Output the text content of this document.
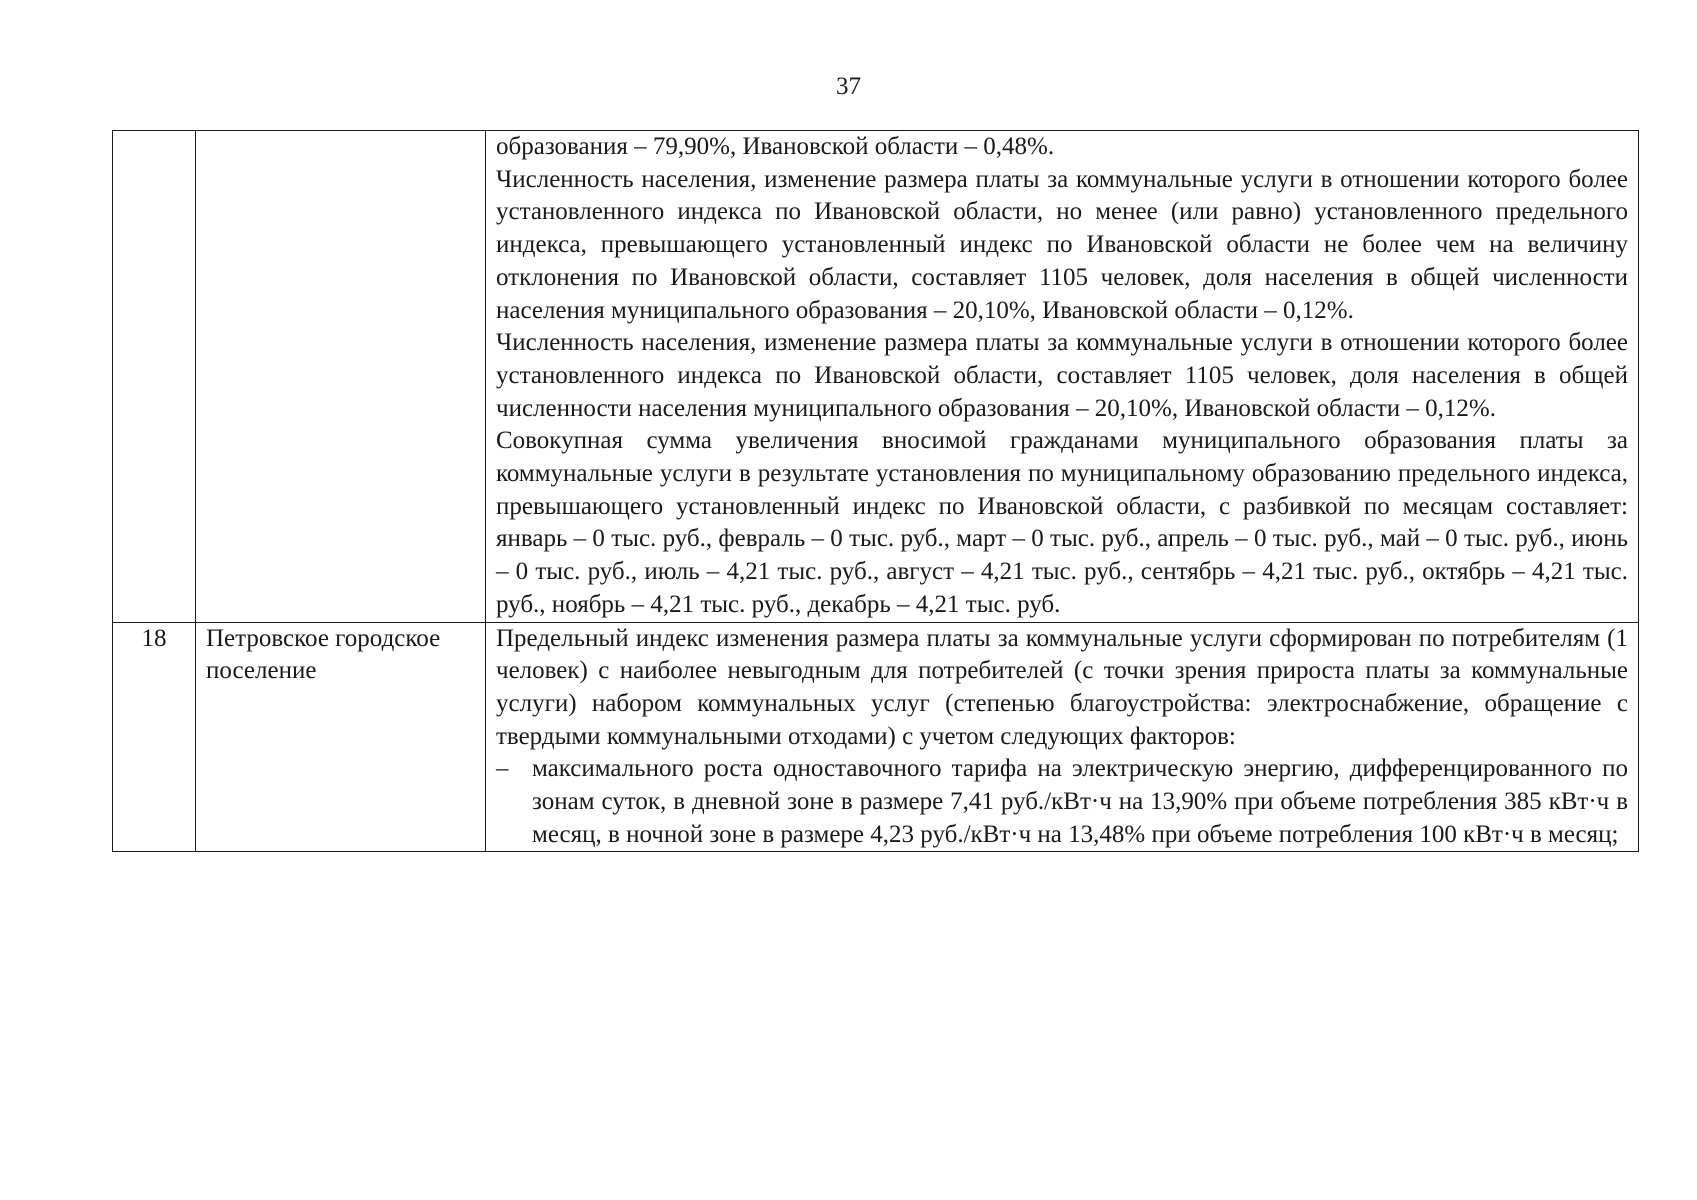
37

		образования – 79,90%, Ивановской области – 0,48%.

Численность населения, изменение размера платы за коммунальные услуги в отношении которого более установленного индекса по Ивановской области, но менее (или равно) установленного предельного индекса, превышающего установленный индекс по Ивановской области не более чем на величину отклонения по Ивановской области, составляет 1105 человек, доля населения в общей численности населения муниципального образования – 20,10%, Ивановской области – 0,12%.

Численность населения, изменение размера платы за коммунальные услуги в отношении которого более установленного индекса по Ивановской области, составляет 1105 человек, доля населения в общей численности населения муниципального образования – 20,10%, Ивановской области – 0,12%.

Совокупная сумма увеличения вносимой гражданами муниципального образования платы за коммунальные услуги в результате установления по муниципальному образованию предельного индекса, превышающего установленный индекс по Ивановской области, с разбивкой по месяцам составляет: январь – 0 тыс. руб., февраль – 0 тыс. руб., март – 0 тыс. руб., апрель – 0 тыс. руб., май – 0 тыс. руб., июнь – 0 тыс. руб., июль – 4,21 тыс. руб., август – 4,21 тыс. руб., сентябрь – 4,21 тыс. руб., октябрь – 4,21 тыс. руб., ноябрь – 4,21 тыс. руб., декабрь – 4,21 тыс. руб.

18	Петровское городское поселение	Предельный индекс изменения размера платы за коммунальные услуги сформирован по потребителям (1 человек) с наиболее невыгодным для потребителей (с точки зрения прироста платы за коммунальные услуги) набором коммунальных услуг (степенью благоустройства: электроснабжение, обращение с твердыми коммунальными отходами) с учетом следующих факторов:

– максимального роста одноставочного тарифа на электрическую энергию, дифференцированного по зонам суток, в дневной зоне в размере 7,41 руб./кВт·ч на 13,90% при объеме потребления 385 кВт·ч в месяц, в ночной зоне в размере 4,23 руб./кВт·ч на 13,48% при объеме потребления 100 кВт·ч в месяц;
